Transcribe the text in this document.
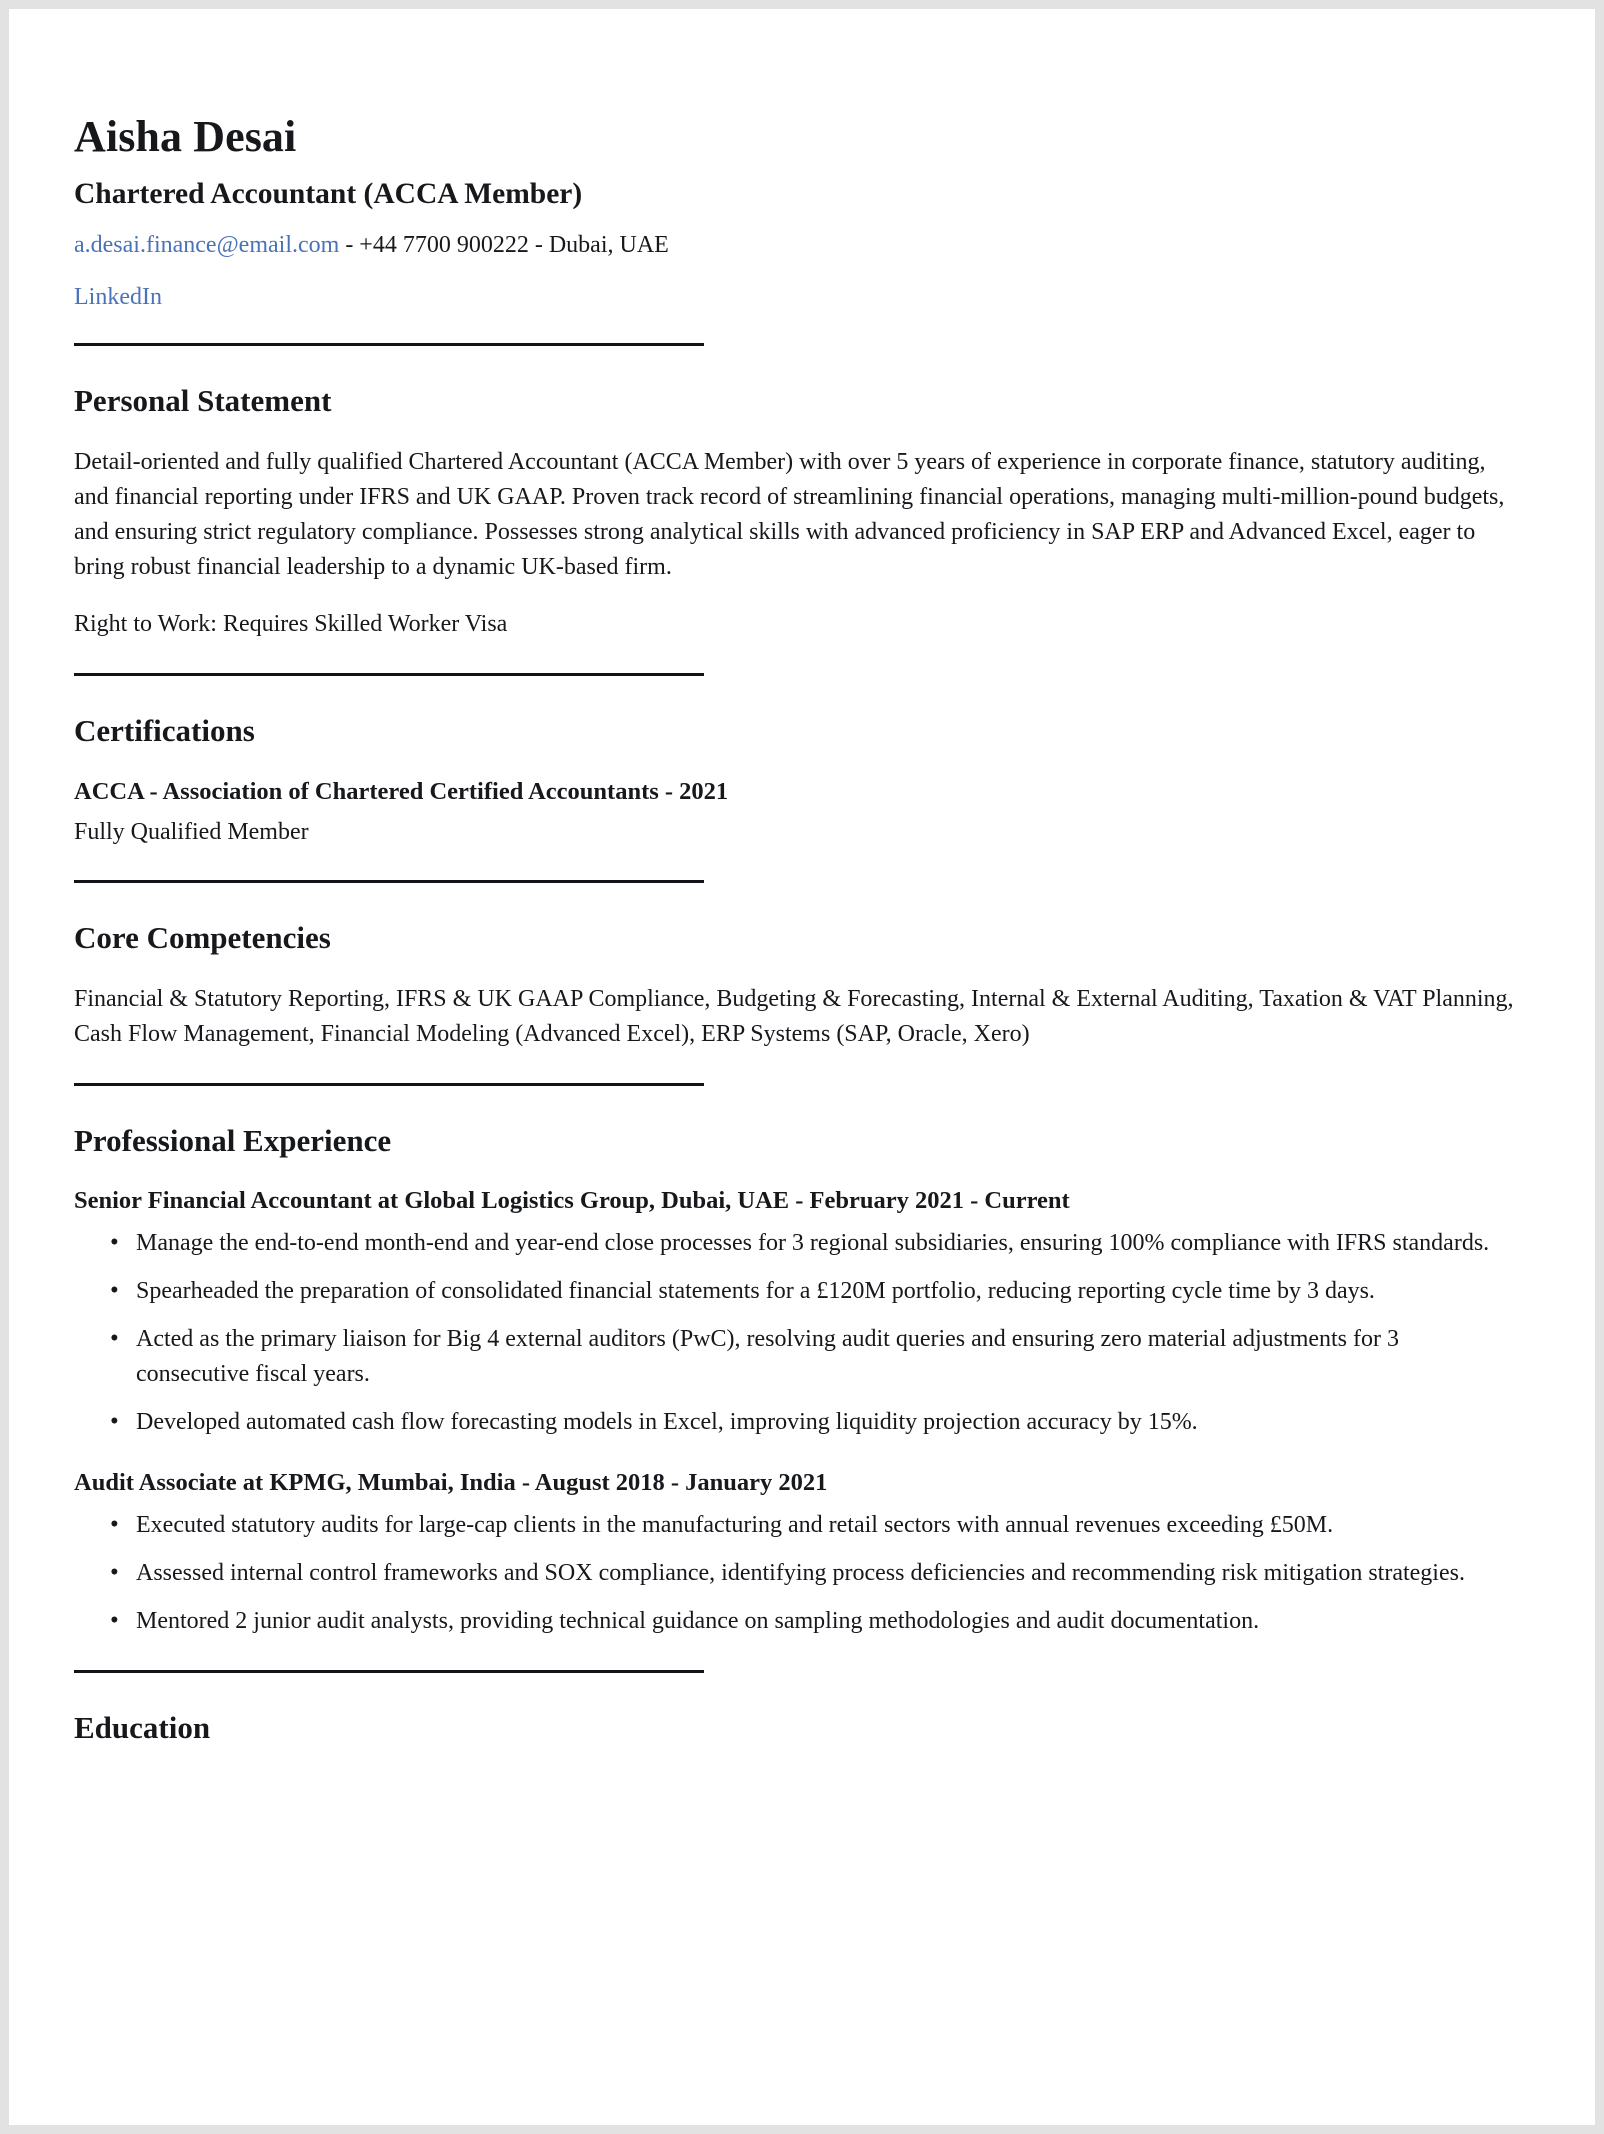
Aisha Desai
Chartered Accountant (ACCA Member)
a.desai.finance@email.com - +44 7700 900222 - Dubai, UAE
LinkedIn
Personal Statement

Detail-oriented and fully qualified Chartered Accountant (ACCA Member) with over 5 years of experience in corporate finance, statutory auditing, and financial reporting under IFRS and UK GAAP. Proven track record of streamlining financial operations, managing multi-million-pound budgets, and ensuring strict regulatory compliance. Possesses strong analytical skills with advanced proficiency in SAP ERP and Advanced Excel, eager to bring robust financial leadership to a dynamic UK-based firm.

Right to Work: Requires Skilled Worker Visa

Certifications
ACCA - Association of Chartered Certified Accountants - 2021
Fully Qualified Member
Core Competencies

Financial & Statutory Reporting, IFRS & UK GAAP Compliance, Budgeting & Forecasting, Internal & External Auditing, Taxation & VAT Planning, Cash Flow Management, Financial Modeling (Advanced Excel), ERP Systems (SAP, Oracle, Xero)

Professional Experience
Senior Financial Accountant at Global Logistics Group, Dubai, UAE - February 2021 - Current
• Manage the end-to-end month-end and year-end close processes for 3 regional subsidiaries, ensuring 100% compliance with IFRS standards.
• Spearheaded the preparation of consolidated financial statements for a £120M portfolio, reducing reporting cycle time by 3 days.
• Acted as the primary liaison for Big 4 external auditors (PwC), resolving audit queries and ensuring zero material adjustments for 3 consecutive fiscal years.
• Developed automated cash flow forecasting models in Excel, improving liquidity projection accuracy by 15%.
Audit Associate at KPMG, Mumbai, India - August 2018 - January 2021
• Executed statutory audits for large-cap clients in the manufacturing and retail sectors with annual revenues exceeding £50M.
• Assessed internal control frameworks and SOX compliance, identifying process deficiencies and recommending risk mitigation strategies.
• Mentored 2 junior audit analysts, providing technical guidance on sampling methodologies and audit documentation.
Education
